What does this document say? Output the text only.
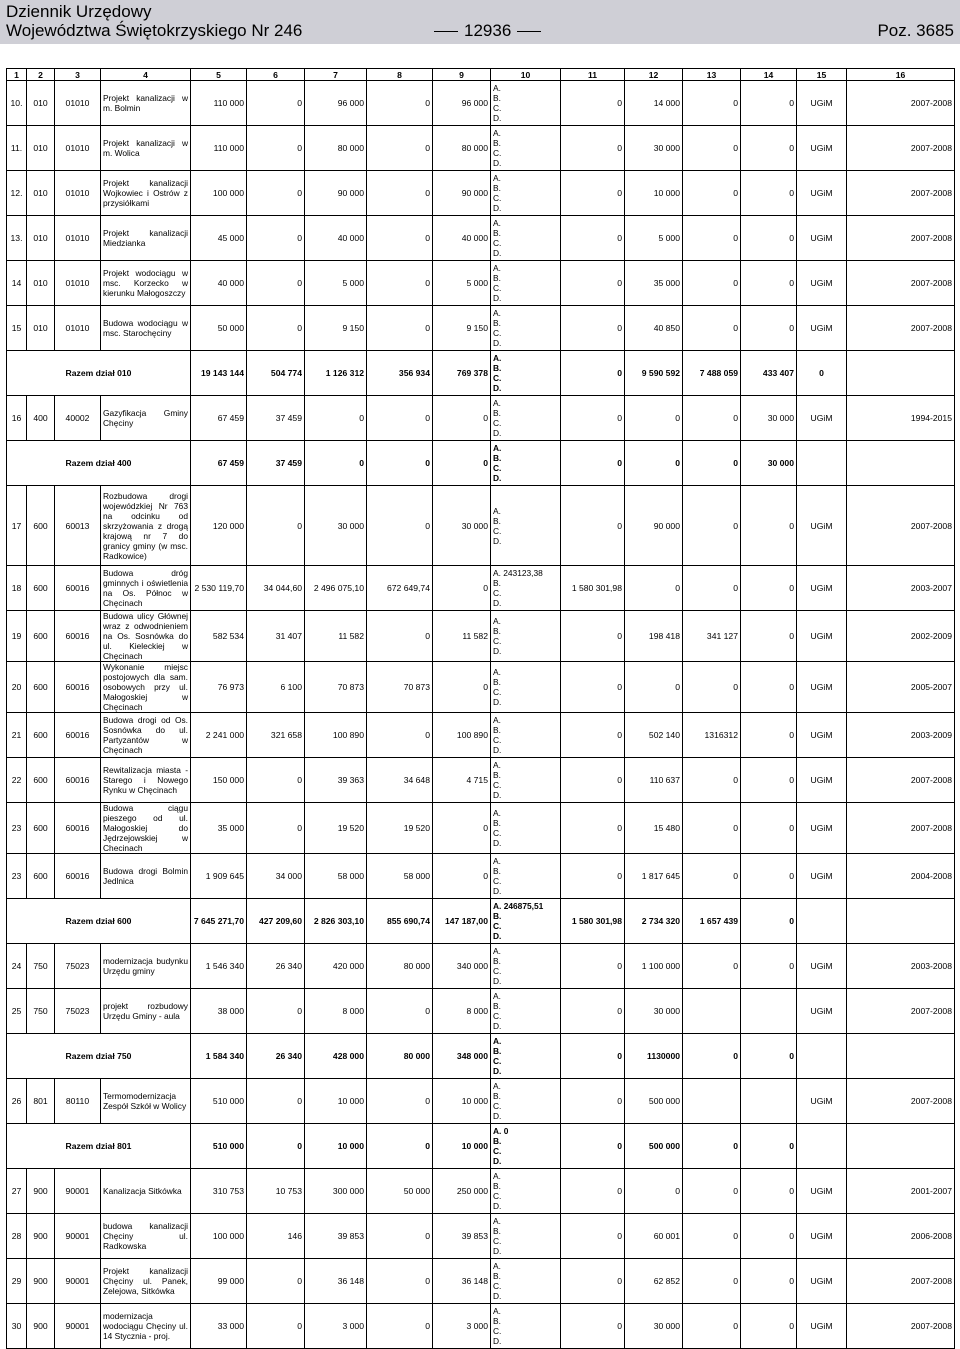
Dziennik Urzędowy
Województwa Świętokrzyskiego Nr 246	12936	Poz. 3685
1	2	3	4	5	6	7	8	9	10	11	12	13	14	15	16
10.	010	01010	Projekt kanalizacji w m. Bolmin	110 000	0	96 000	0	96 000	A.
B.
C.
D.	0	14 000	0	0	UGiM	2007-2008
11.	010	01010	Projekt kanalizacji w m. Wolica	110 000	0	80 000	0	80 000	A.
B.
C.
D.	0	30 000	0	0	UGiM	2007-2008
12.	010	01010	Projekt kanalizacji Wojkowiec i Ostrów z przysiółkami	100 000	0	90 000	0	90 000	A.
B.
C.
D.	0	10 000	0	0	UGiM	2007-2008
13.	010	01010	Projekt kanalizacji Miedzianka	45 000	0	40 000	0	40 000	A.
B.
C.
D.	0	5 000	0	0	UGiM	2007-2008
14	010	01010	Projekt wodociągu w msc. Korzecko w kierunku Małogoszczy	40 000	0	5 000	0	5 000	A.
B.
C.
D.	0	35 000	0	0	UGiM	2007-2008
15	010	01010	Budowa wodociągu w msc. Starochęciny	50 000	0	9 150	0	9 150	A.
B.
C.
D.	0	40 850	0	0	UGiM	2007-2008
Razem dział 010				19 143 144	504 774	1 126 312	356 934	769 378	A.
B.
C.
D.	0	9 590 592	7 488 059	433 407	0	
16	400	40002	Gazyfikacja Gminy Chęciny	67 459	37 459	0	0	0	A.
B.
C.
D.	0	0	0	30 000	UGiM	1994-2015
Razem dział 400				67 459	37 459	0	0	0	A.
B.
C.
D.	0	0	0	30 000		
17	600	60013	Rozbudowa drogi wojewódzkiej Nr 763 na odcinku od skrzyżowania z drogą krajową nr 7 do granicy gminy (w msc. Radkowice)	120 000	0	30 000	0	30 000	A.
B.
C.
D.	0	90 000	0	0	UGiM	2007-2008
18	600	60016	Budowa dróg gminnych i oświetlenia na Os. Północ w Chęcinach	2 530 119,70	34 044,60	2 496 075,10	672 649,74	0	A. 243123,38
B.
C.
D.	1 580 301,98	0	0	0	UGiM	2003-2007
19	600	60016	Budowa ulicy Głównej wraz z odwodnieniem na Os. Sosnówka do ul. Kieleckiej w Chęcinach	582 534	31 407	11 582	0	11 582	A.
B.
C.
D.	0	198 418	341 127	0	UGiM	2002-2009
20	600	60016	Wykonanie miejsc postojowych dla sam. osobowych przy ul. Małogoskiej w Chęcinach	76 973	6 100	70 873	70 873	0	A.
B.
C.
D.	0	0	0	0	UGiM	2005-2007
21	600	60016	Budowa drogi od Os. Sosnówka do ul. Partyzantów w Chęcinach	2 241 000	321 658	100 890	0	100 890	A.
B.
C.
D.	0	502 140	1316312	0	UGiM	2003-2009
22	600	60016	Rewitalizacja miasta - Starego i Nowego Rynku w Chęcinach	150 000	0	39 363	34 648	4 715	A.
B.
C.
D.	0	110 637	0	0	UGiM	2007-2008
23	600	60016	Budowa ciągu pieszego od ul. Małogoskiej do Jędrzejowskiej w Checinach	35 000	0	19 520	19 520	0	A.
B.
C.
D.	0	15 480	0	0	UGiM	2007-2008
23	600	60016	Budowa drogi Bolmin Jedlnica	1 909 645	34 000	58 000	58 000	0	A.
B.
C.
D.	0	1 817 645	0	0	UGiM	2004-2008
Razem dział 600				7 645 271,70	427 209,60	2 826 303,10	855 690,74	147 187,00	A. 246875,51
B.
C.
D.	1 580 301,98	2 734 320	1 657 439	0		
24	750	75023	modernizacja budynku Urzędu gminy	1 546 340	26 340	420 000	80 000	340 000	A.
B.
C.
D.	0	1 100 000	0	0	UGiM	2003-2008
25	750	75023	projekt rozbudowy Urzędu Gminy - aula	38 000	0	8 000	0	8 000	A.
B.
C.
D.	0	30 000			UGiM	2007-2008
Razem dział 750				1 584 340	26 340	428 000	80 000	348 000	A.
B.
C.
D.	0	1130000	0	0		
26	801	80110	Termomodernizacja Zespół Szkół w Wolicy	510 000	0	10 000	0	10 000	A.
B.
C.
D.	0	500 000			UGiM	2007-2008
Razem dział 801				510 000	0	10 000	0	10 000	A. 0
B.
C.
D.	0	500 000	0	0		
27	900	90001	Kanalizacja Sitkówka	310 753	10 753	300 000	50 000	250 000	A.
B.
C.
D.	0	0	0	0	UGiM	2001-2007
28	900	90001	budowa kanalizacji Chęciny ul. Radkowska	100 000	146	39 853	0	39 853	A.
B.
C.
D.	0	60 001	0	0	UGiM	2006-2008
29	900	90001	Projekt kanalizacji Chęciny ul. Panek, Zelejowa, Sitkówka	99 000	0	36 148	0	36 148	A.
B.
C.
D.	0	62 852	0	0	UGiM	2007-2008
30	900	90001	modernizacja wodociągu Chęciny ul. 14 Stycznia - proj.	33 000	0	3 000	0	3 000	A.
B.
C.
D.	0	30 000	0	0	UGiM	2007-2008
